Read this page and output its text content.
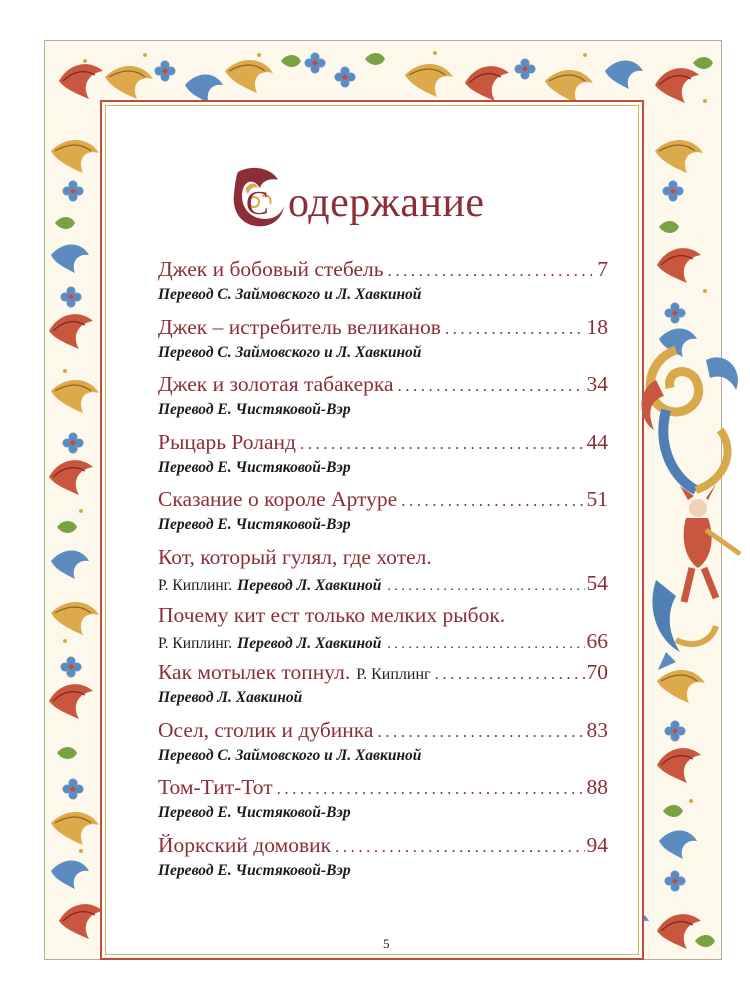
С одержание
Джек и бобовый стебель .....	7
Перевод С. Займовского и Л. Хавкиной
Джек – истребитель великанов .....	18
Перевод С. Займовского и Л. Хавкиной
Джек и золотая табакерка .....	34
Перевод Е. Чистяковой-Вэр
Рыцарь Роланд .....	44
Перевод Е. Чистяковой-Вэр
Сказание о короле Артуре .....	51
Перевод Е. Чистяковой-Вэр
Кот, который гулял, где хотел.
Р. Киплинг. Перевод Л. Хавкиной .....	54
Почему кит ест только мелких рыбок.
Р. Киплинг. Перевод Л. Хавкиной .....	66
Как мотылек топнул. Р. Киплинг .....	70
Перевод Л. Хавкиной
Осел, столик и дубинка .....	83
Перевод С. Займовского и Л. Хавкиной
Том-Тит-Тот .....	88
Перевод Е. Чистяковой-Вэр
Йоркский домовик .....	94
Перевод Е. Чистяковой-Вэр
5
